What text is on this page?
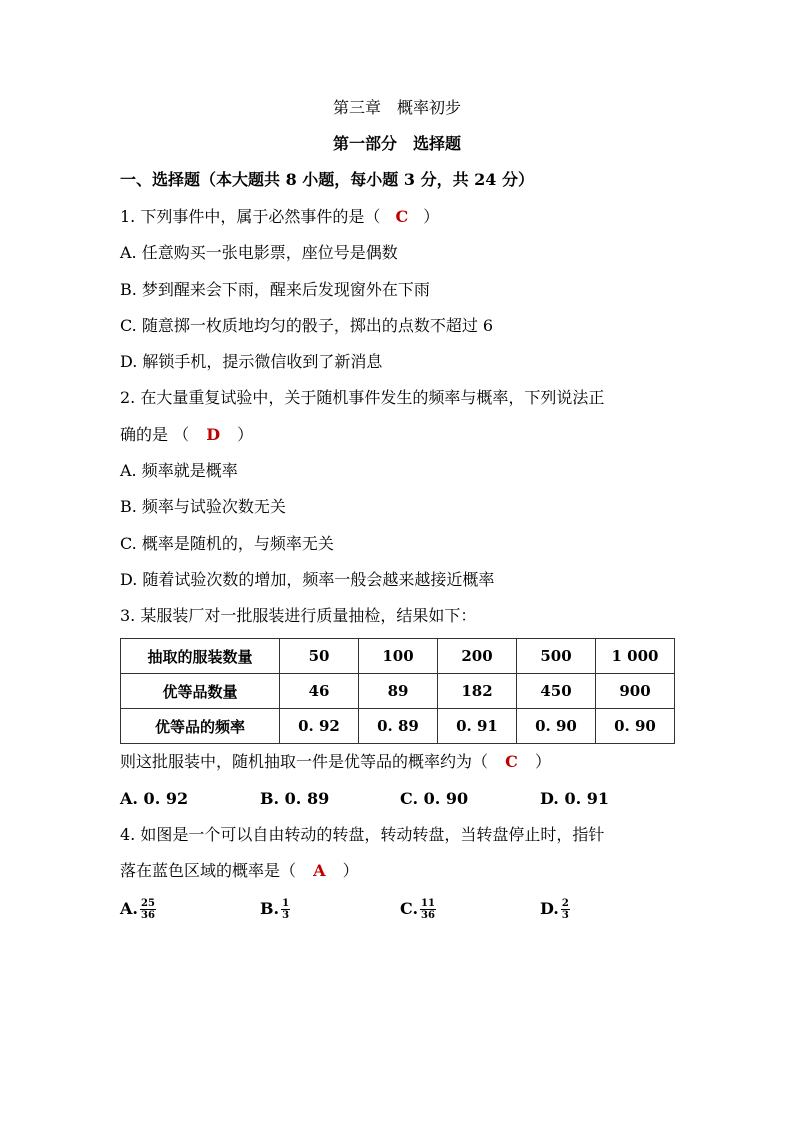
第三章　概率初步
第一部分　选择题
一、选择题（本大题共 8 小题，每小题 3 分，共 24 分）
1. 下列事件中，属于必然事件的是（ C ）
A. 任意购买一张电影票，座位号是偶数
B. 梦到醒来会下雨，醒来后发现窗外在下雨
C. 随意掷一枚质地均匀的骰子，掷出的点数不超过 6
D. 解锁手机，提示微信收到了新消息
2. 在大量重复试验中，关于随机事件发生的频率与概率，下列说法正
确的是 （ D ）
A. 频率就是概率
B. 频率与试验次数无关
C. 概率是随机的，与频率无关
D. 随着试验次数的增加，频率一般会越来越接近概率
3. 某服装厂对一批服装进行质量抽检，结果如下：
抽取的服装数量	50	100	200	500	1 000
优等品数量	46	89	182	450	900
优等品的频率	0. 92	0. 89	0. 91	0. 90	0. 90
则这批服装中，随机抽取一件是优等品的概率约为（ C ）
A. 0. 92	B. 0. 89	C. 0. 90	D. 0. 91
4. 如图是一个可以自由转动的转盘，转动转盘，当转盘停止时，指针
落在蓝色区域的概率是（ A ）
A. $\frac{25}{36}$	B. $\frac{1}{3}$	C. $\frac{11}{36}$	D. $\frac{2}{3}$
